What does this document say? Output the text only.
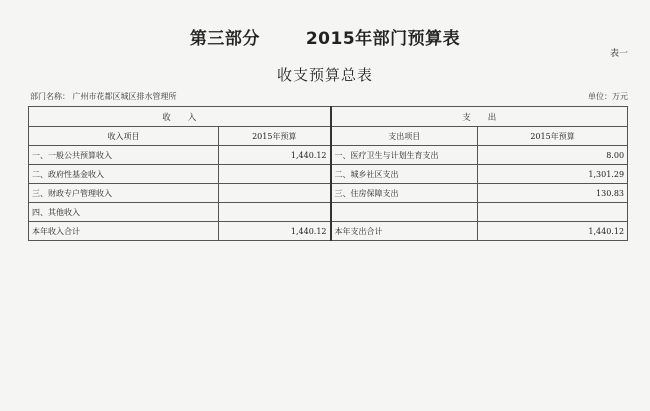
第三部分	2015年部门预算表
表一
收支预算总表
部门名称： 广州市花都区城区排水管理所	单位：万元
收　　入		支　　出	
收入项目	2015年预算	支出项目	2015年预算
一、一般公共预算收入	1,440.12	一、医疗卫生与计划生育支出	8.00
二、政府性基金收入		二、城乡社区支出	1,301.29
三、财政专户管理收入		三、住房保障支出	130.83
四、其他收入			
本年收入合计	1,440.12	本年支出合计	1,440.12
